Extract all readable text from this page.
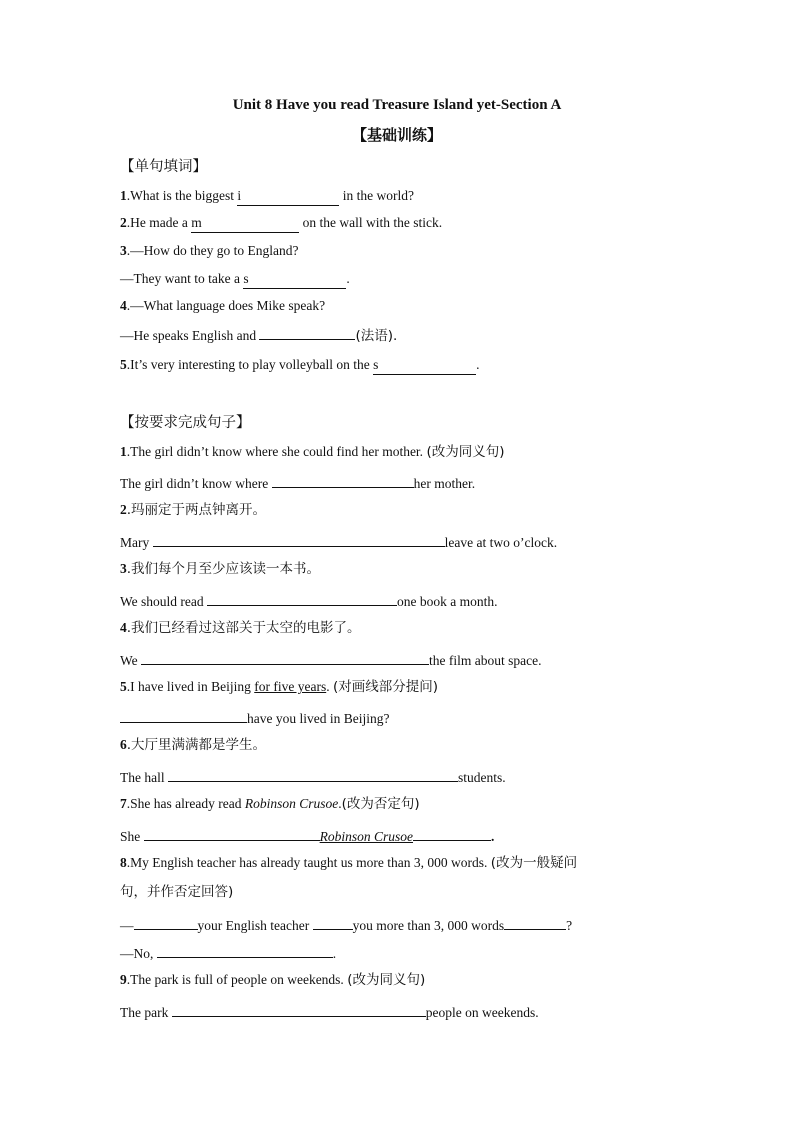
Unit 8 Have you read Treasure Island yet-Section A
【基础训练】
【单句填词】
1.What is the biggest i	in the world?
2.He made a m	on the wall with the stick.
3.—How do they go to England?
—They want to take a s	.
4.—What language does Mike speak?
—He speaks English and	(法语).
5.It’s very interesting to play volleyball on the s	.
【按要求完成句子】
1.The girl didn’t know where she could find her mother. (改为同义句)
The girl didn’t know where	her mother.
2.玛丽定于两点钟离开。
Mary	leave at two o’clock.
3.我们每个月至少应该读一本书。
We should read	one book a month.
4.我们已经看过这部关于太空的电影了。
We	the film about space.
5.I have lived in Beijing for five years. (对画线部分提问)
have you lived in Beijing?
6.大厅里满满都是学生。
The hall	students.
7.She has already read Robinson Crusoe.(改为否定句)
She	Robinson Crusoe	.
8.My English teacher has already taught us more than 3, 000 words. (改为一般疑问
句，并作否定回答)
—	your English teacher	you more than 3, 000 words	?
—No,	.
9.The park is full of people on weekends. (改为同义句)
The park	people on weekends.
